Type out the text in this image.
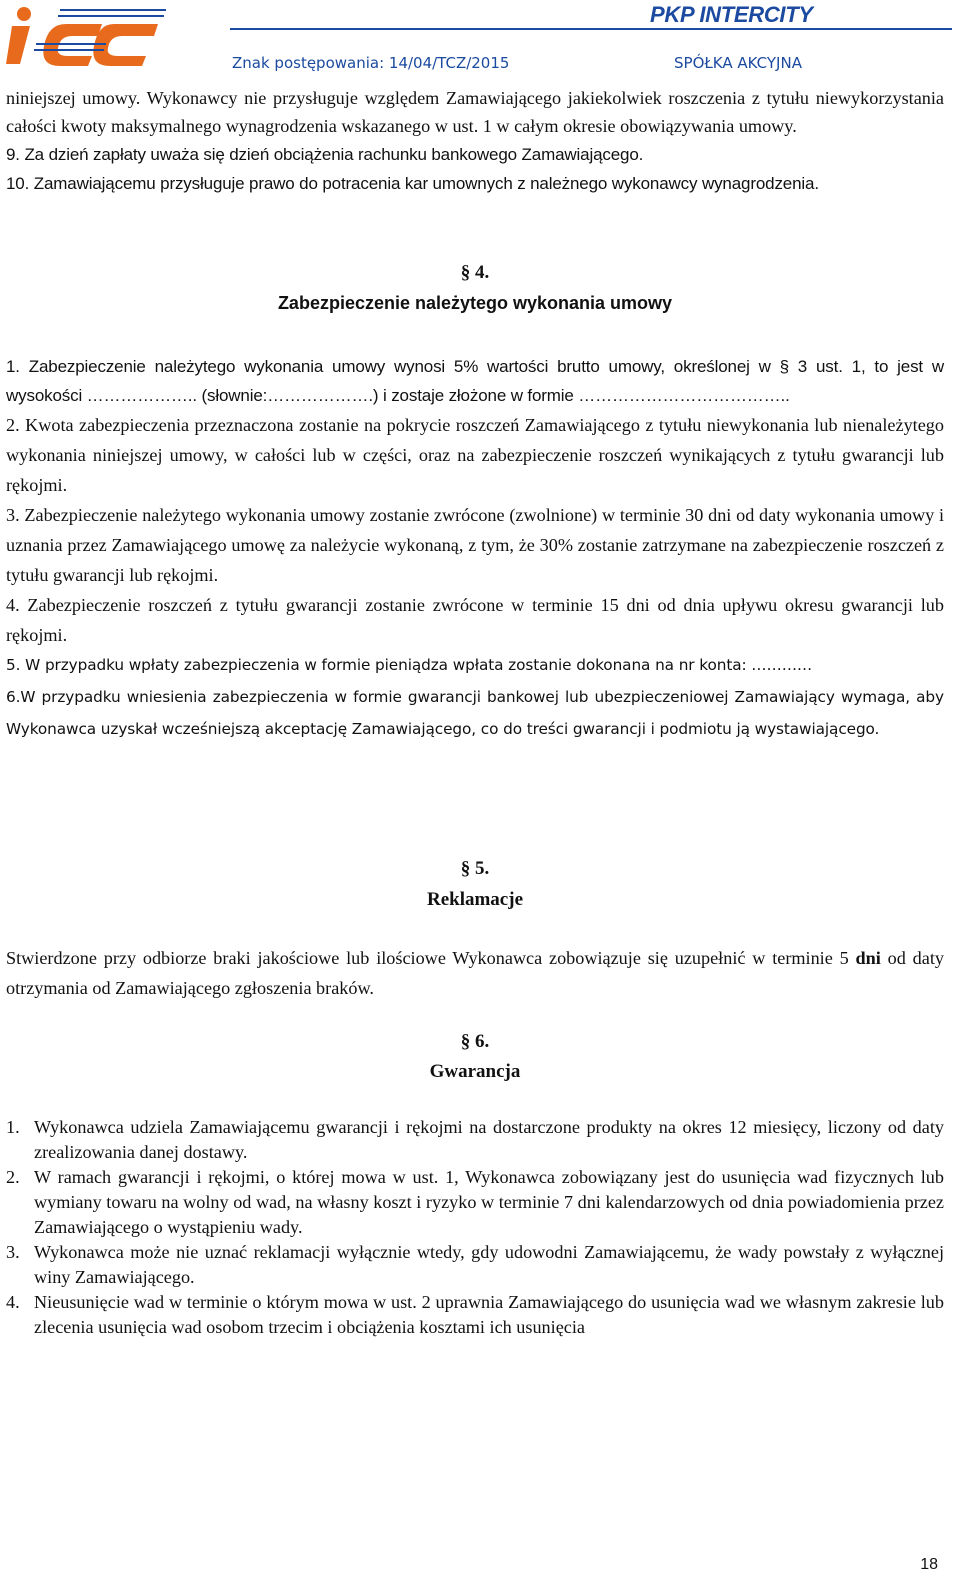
PKP INTERCITY
Znak postępowania: 14/04/TCZ/2015	SPÓŁKA AKCYJNA

niniejszej umowy. Wykonawcy nie przysługuje względem Zamawiającego jakiekolwiek roszczenia z tytułu niewykorzystania całości kwoty maksymalnego wynagrodzenia wskazanego w ust. 1 w całym okresie obowiązywania umowy.

9. Za dzień zapłaty uważa się dzień obciążenia rachunku bankowego Zamawiającego.

10. Zamawiającemu przysługuje prawo do potracenia kar umownych z należnego wykonawcy wynagrodzenia.

§ 4.

Zabezpieczenie należytego wykonania umowy

1. Zabezpieczenie należytego wykonania umowy wynosi 5% wartości brutto umowy, określonej w § 3 ust. 1, to jest w wysokości ……………….. (słownie:……………….) i zostaje złożone w formie ………………………………..

2. Kwota zabezpieczenia przeznaczona zostanie na pokrycie roszczeń Zamawiającego z tytułu niewykonania lub nienależytego wykonania niniejszej umowy, w całości lub w części, oraz na zabezpieczenie roszczeń wynikających z tytułu gwarancji lub rękojmi.

3. Zabezpieczenie należytego wykonania umowy zostanie zwrócone (zwolnione) w terminie 30 dni od daty wykonania umowy i uznania przez Zamawiającego umowę za należycie wykonaną, z tym, że 30% zostanie zatrzymane na zabezpieczenie roszczeń z tytułu gwarancji lub rękojmi.

4. Zabezpieczenie roszczeń z tytułu gwarancji zostanie zwrócone w terminie 15 dni od dnia upływu okresu gwarancji lub rękojmi.

5. W przypadku wpłaty zabezpieczenia w formie pieniądza wpłata zostanie dokonana na nr konta: …………

6.W przypadku wniesienia zabezpieczenia w formie gwarancji bankowej lub ubezpieczeniowej Zamawiający wymaga, aby Wykonawca uzyskał wcześniejszą akceptację Zamawiającego, co do treści gwarancji i podmiotu ją wystawiającego.

§ 5.

Reklamacje

Stwierdzone przy odbiorze braki jakościowe lub ilościowe Wykonawca zobowiązuje się uzupełnić w terminie 5 dni od daty otrzymania od Zamawiającego zgłoszenia braków.

§ 6.

Gwarancja

1. Wykonawca udziela Zamawiającemu gwarancji i rękojmi na dostarczone produkty na okres 12 miesięcy, liczony od daty zrealizowania danej dostawy.
2. W ramach gwarancji i rękojmi, o której mowa w ust. 1, Wykonawca zobowiązany jest do usunięcia wad fizycznych lub wymiany towaru na wolny od wad, na własny koszt i ryzyko w terminie 7 dni kalendarzowych od dnia powiadomienia przez Zamawiającego o wystąpieniu wady.
3. Wykonawca może nie uznać reklamacji wyłącznie wtedy, gdy udowodni Zamawiającemu, że wady powstały z wyłącznej winy Zamawiającego.
4. Nieusunięcie wad w terminie o którym mowa w ust. 2 uprawnia Zamawiającego do usunięcia wad we własnym zakresie lub zlecenia usunięcia wad osobom trzecim i obciążenia kosztami ich usunięcia
18
